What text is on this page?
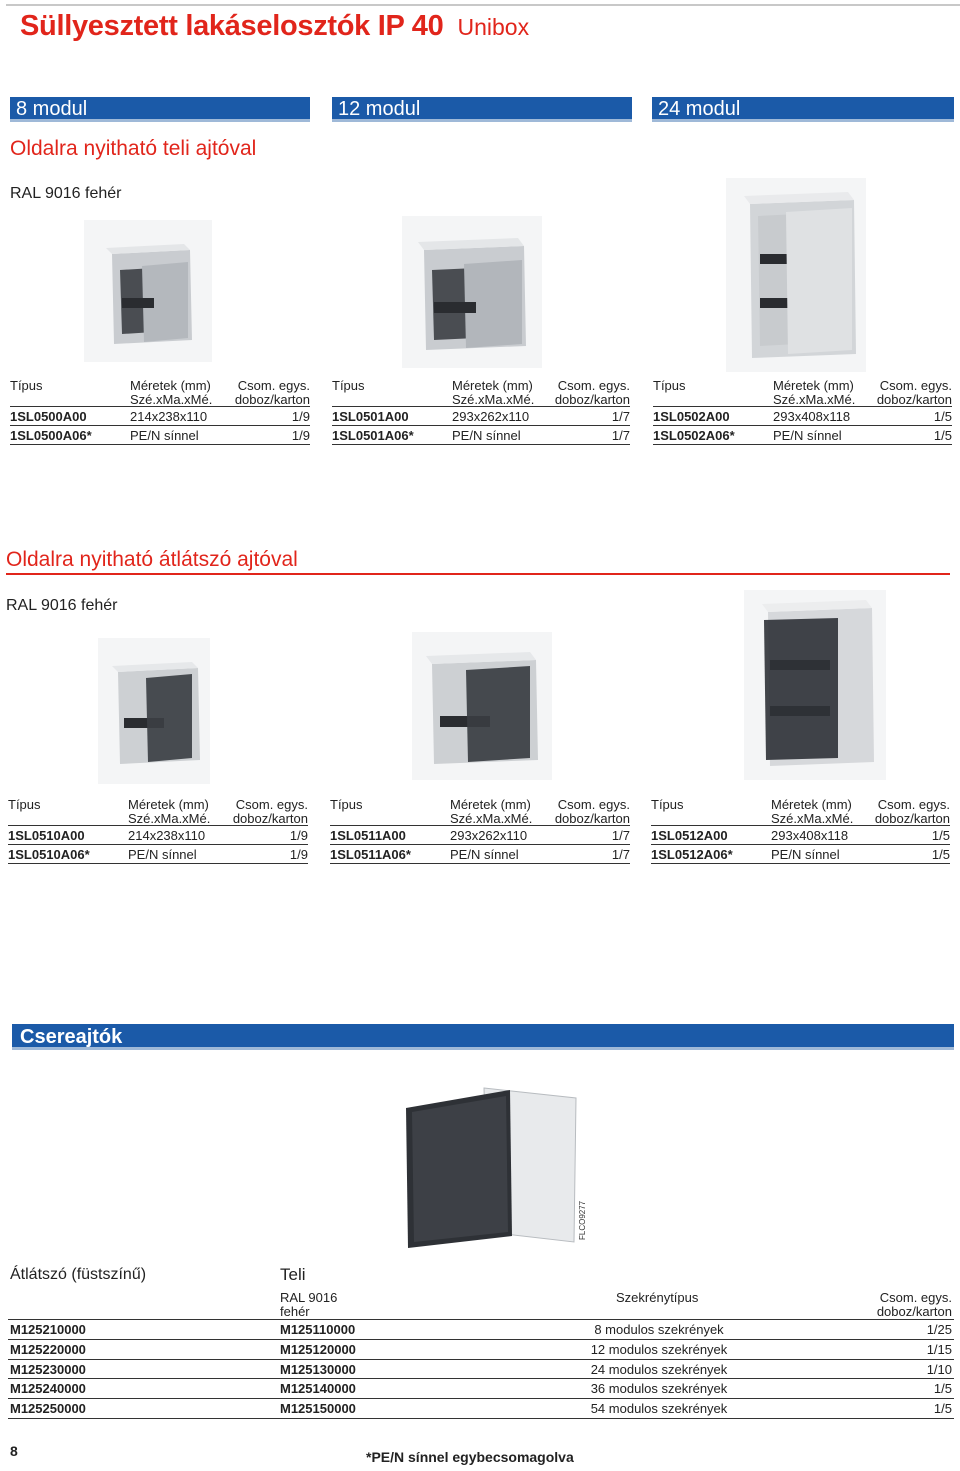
Süllyesztett lakáselosztók IP 40 Unibox
8 modul	12 modul	24 modul
Oldalra nyitható teli ajtóval
RAL 9016 fehér
Típus	Méretek (mm)
Szé.xMa.xMé.
Csom. egys.
doboz/karton
1SL0500A00	214x238x110	1/9
1SL0500A06*	PE/N sínnel	1/9
Típus	Méretek (mm)
Szé.xMa.xMé.
Csom. egys.
doboz/karton
1SL0501A00	293x262x110	1/7
1SL0501A06*	PE/N sínnel	1/7
Típus	Méretek (mm)
Szé.xMa.xMé.
Csom. egys.
doboz/karton
1SL0502A00	293x408x118	1/5
1SL0502A06*	PE/N sínnel	1/5
Oldalra nyitható átlátszó ajtóval
RAL 9016 fehér
Típus	Méretek (mm)
Szé.xMa.xMé.
Csom. egys.
doboz/karton
1SL0510A00	214x238x110	1/9
1SL0510A06*	PE/N sínnel	1/9
Típus	Méretek (mm)
Szé.xMa.xMé.
Csom. egys.
doboz/karton
1SL0511A00	293x262x110	1/7
1SL0511A06*	PE/N sínnel	1/7
Típus	Méretek (mm)
Szé.xMa.xMé.
Csom. egys.
doboz/karton
1SL0512A00	293x408x118	1/5
1SL0512A06*	PE/N sínnel	1/5
Csereajtók
FLCO9277
Átlátszó (füstszínű)	Teli
RAL 9016
fehér
Szekrénytípus	Csom. egys.
doboz/karton
M125210000	M125110000	8 modulos szekrények	1/25
M125220000	M125120000	12 modulos szekrények	1/15
M125230000	M125130000	24 modulos szekrények	1/10
M125240000	M125140000	36 modulos szekrények	1/5
M125250000	M125150000	54 modulos szekrények	1/5
8	*PE/N sínnel egybecsomagolva
